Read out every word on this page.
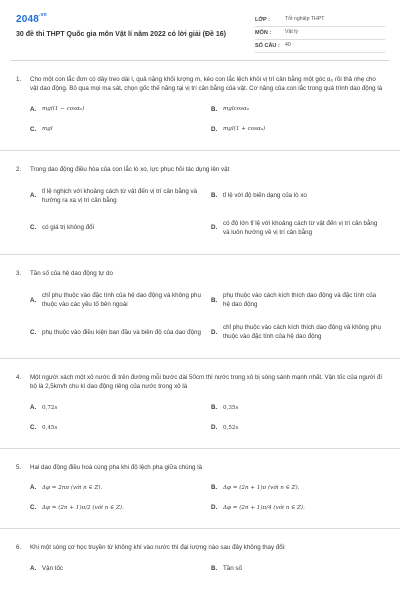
$2048^{.vn}$
30 đề thi THPT Quốc gia môn Vật lí năm 2022 có lời giải (Đề 16)
LỚP :	Tốt nghiệp THPT
MÔN :	Vật lý
SỐ CÂU :	40
1.	Cho một con lắc đơn có dây treo dài l, quả nặng khối lượng m, kéo con lắc lệch khỏi vị trí cân bằng một góc α₀ rồi thả nhẹ cho vật dao động. Bỏ qua mọi ma sát, chọn gốc thế năng tại vị trí cân bằng của vật. Cơ năng của con lắc trong quá trình dao động là
A.	mgl(1 − cosα₀)	B.	mglcosα₀
C.	mgl	D.	mgl(1 + cosα₀)
2.	Trong dao động điều hòa của con lắc lò xo, lực phục hồi tác dụng lên vật
A.
tỉ lệ nghịch với khoảng cách từ vật đến vị trí cân bằng và hướng ra xa vị trí cân bằng
B. tỉ lệ với độ biến dạng của lò xo
C. có giá trị không đổi	D.
có độ lớn tỉ lệ với khoảng cách từ vật đến vị trí cân bằng và luôn hướng về vị trí cân bằng
3.	Tần số của hệ dao động tự do
A.
chỉ phụ thuộc vào đặc tính của hệ dao động và không phụ thuộc vào các yếu tố bên ngoài
B.
phụ thuộc vào cách kích thích dao động và đặc tính của hệ dao động
C. phụ thuộc vào điều kiện ban đầu và biên độ của dao động	D.
chỉ phụ thuộc vào cách kích thích dao động và không phụ thuộc vào đặc tính của hệ dao động
4.	Một người xách một xô nước đi trên đường mỗi bước dài 50cm thì nước trong xô bị sóng sánh mạnh nhất. Vận tốc của người đi bộ là 2,5km/h chu kì dao động riêng của nước trong xô là
A.	0,72s	B.	0,35s
C.	0,45s	D.	0,52s
5.	Hai dao động điều hoà cùng pha khi độ lệch pha giữa chúng là
A.	Δφ = 2nπ (với n ∈ Z).	B.	Δφ = (2n + 1)π (với n ∈ Z).
C.	Δφ = (2n + 1)π/2 (với n ∈ Z).	D.	Δφ = (2n + 1)π/4 (với n ∈ Z).
6.	Khi một sóng cơ học truyền từ không khí vào nước thì đại lượng nào sau đây không thay đổi:
A. Vận tốc	B. Tần số
